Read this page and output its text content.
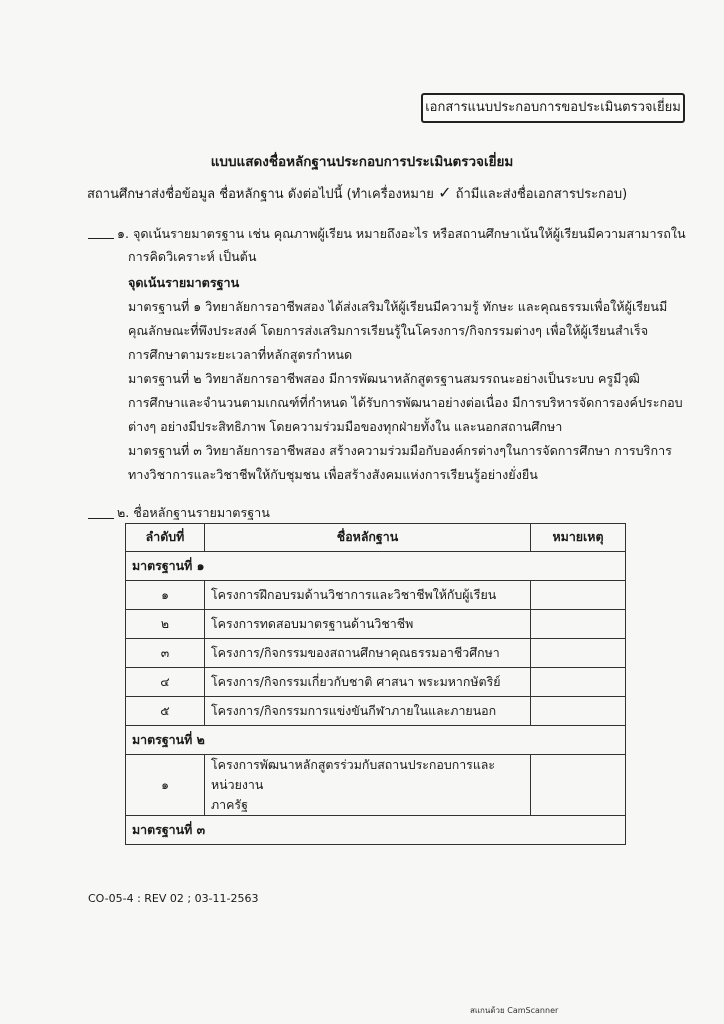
เอกสารแนบประกอบการขอประเมินตรวจเยี่ยม
แบบแสดงชื่อหลักฐานประกอบการประเมินตรวจเยี่ยม
สถานศึกษาส่งชื่อข้อมูล ชื่อหลักฐาน ดังต่อไปนี้ (ทำเครื่องหมาย ✓ ถ้ามีและส่งชื่อเอกสารประกอบ)
๑. จุดเน้นรายมาตรฐาน เช่น คุณภาพผู้เรียน หมายถึงอะไร หรือสถานศึกษาเน้นให้ผู้เรียนมีความสามารถใน
การคิดวิเคราะห์ เป็นต้น
จุดเน้นรายมาตรฐาน
มาตรฐานที่ ๑ วิทยาลัยการอาชีพสอง ได้ส่งเสริมให้ผู้เรียนมีความรู้ ทักษะ และคุณธรรมเพื่อให้ผู้เรียนมี
คุณลักษณะที่พึงประสงค์ โดยการส่งเสริมการเรียนรู้ในโครงการ/กิจกรรมต่างๆ เพื่อให้ผู้เรียนสำเร็จ
การศึกษาตามระยะเวลาที่หลักสูตรกำหนด
มาตรฐานที่ ๒ วิทยาลัยการอาชีพสอง มีการพัฒนาหลักสูตรฐานสมรรถนะอย่างเป็นระบบ ครูมีวุฒิ
การศึกษาและจำนวนตามเกณฑ์ที่กำหนด ได้รับการพัฒนาอย่างต่อเนื่อง มีการบริหารจัดการองค์ประกอบ
ต่างๆ อย่างมีประสิทธิภาพ โดยความร่วมมือของทุกฝ่ายทั้งใน และนอกสถานศึกษา
มาตรฐานที่ ๓ วิทยาลัยการอาชีพสอง สร้างความร่วมมือกับองค์กรต่างๆในการจัดการศึกษา การบริการ
ทางวิชาการและวิชาชีพให้กับชุมชน เพื่อสร้างสังคมแห่งการเรียนรู้อย่างยั่งยืน
๒. ชื่อหลักฐานรายมาตรฐาน
ลำดับที่	ชื่อหลักฐาน	หมายเหตุ
มาตรฐานที่ ๑		
๑	โครงการฝึกอบรมด้านวิชาการและวิชาชีพให้กับผู้เรียน	
๒	โครงการทดสอบมาตรฐานด้านวิชาชีพ	
๓	โครงการ/กิจกรรมของสถานศึกษาคุณธรรมอาชีวศึกษา	
๔	โครงการ/กิจกรรมเกี่ยวกับชาติ ศาสนา พระมหากษัตริย์	
๕	โครงการ/กิจกรรมการแข่งขันกีฬาภายในและภายนอก	
มาตรฐานที่ ๒		
๑	โครงการพัฒนาหลักสูตรร่วมกับสถานประกอบการและหน่วยงาน
ภาครัฐ	

มาตรฐานที่ ๓		
CO-05-4 : REV 02 ; 03-11-2563
สแกนด้วย CamScanner
